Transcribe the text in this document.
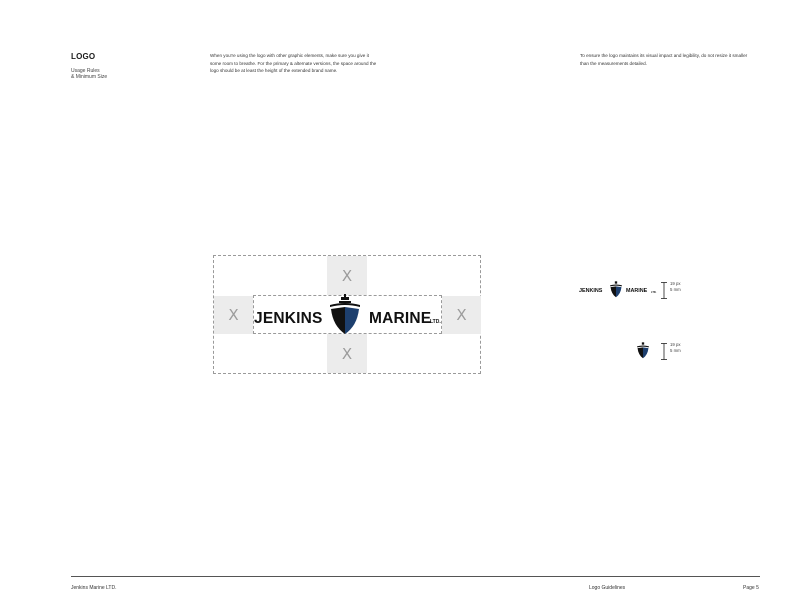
LOGO
Usage Rules
& Minimum Size
When you're using the logo with other graphic elements, make sure you give it some room to breathe. For the primary & alternate versions, the space around the logo should be at least the height of the extended brand name.
To ensure the logo maintains its visual impact and legibility, do not resize it smaller than the measurements detailed.
X
X
X	X
JENKINS	MARINE
LTD.
JENKINS	MARINE LTD.
19 px
5 mm
19 px
5 mm
Jenkins Marine LTD.	Logo Guidelines	Page 5
